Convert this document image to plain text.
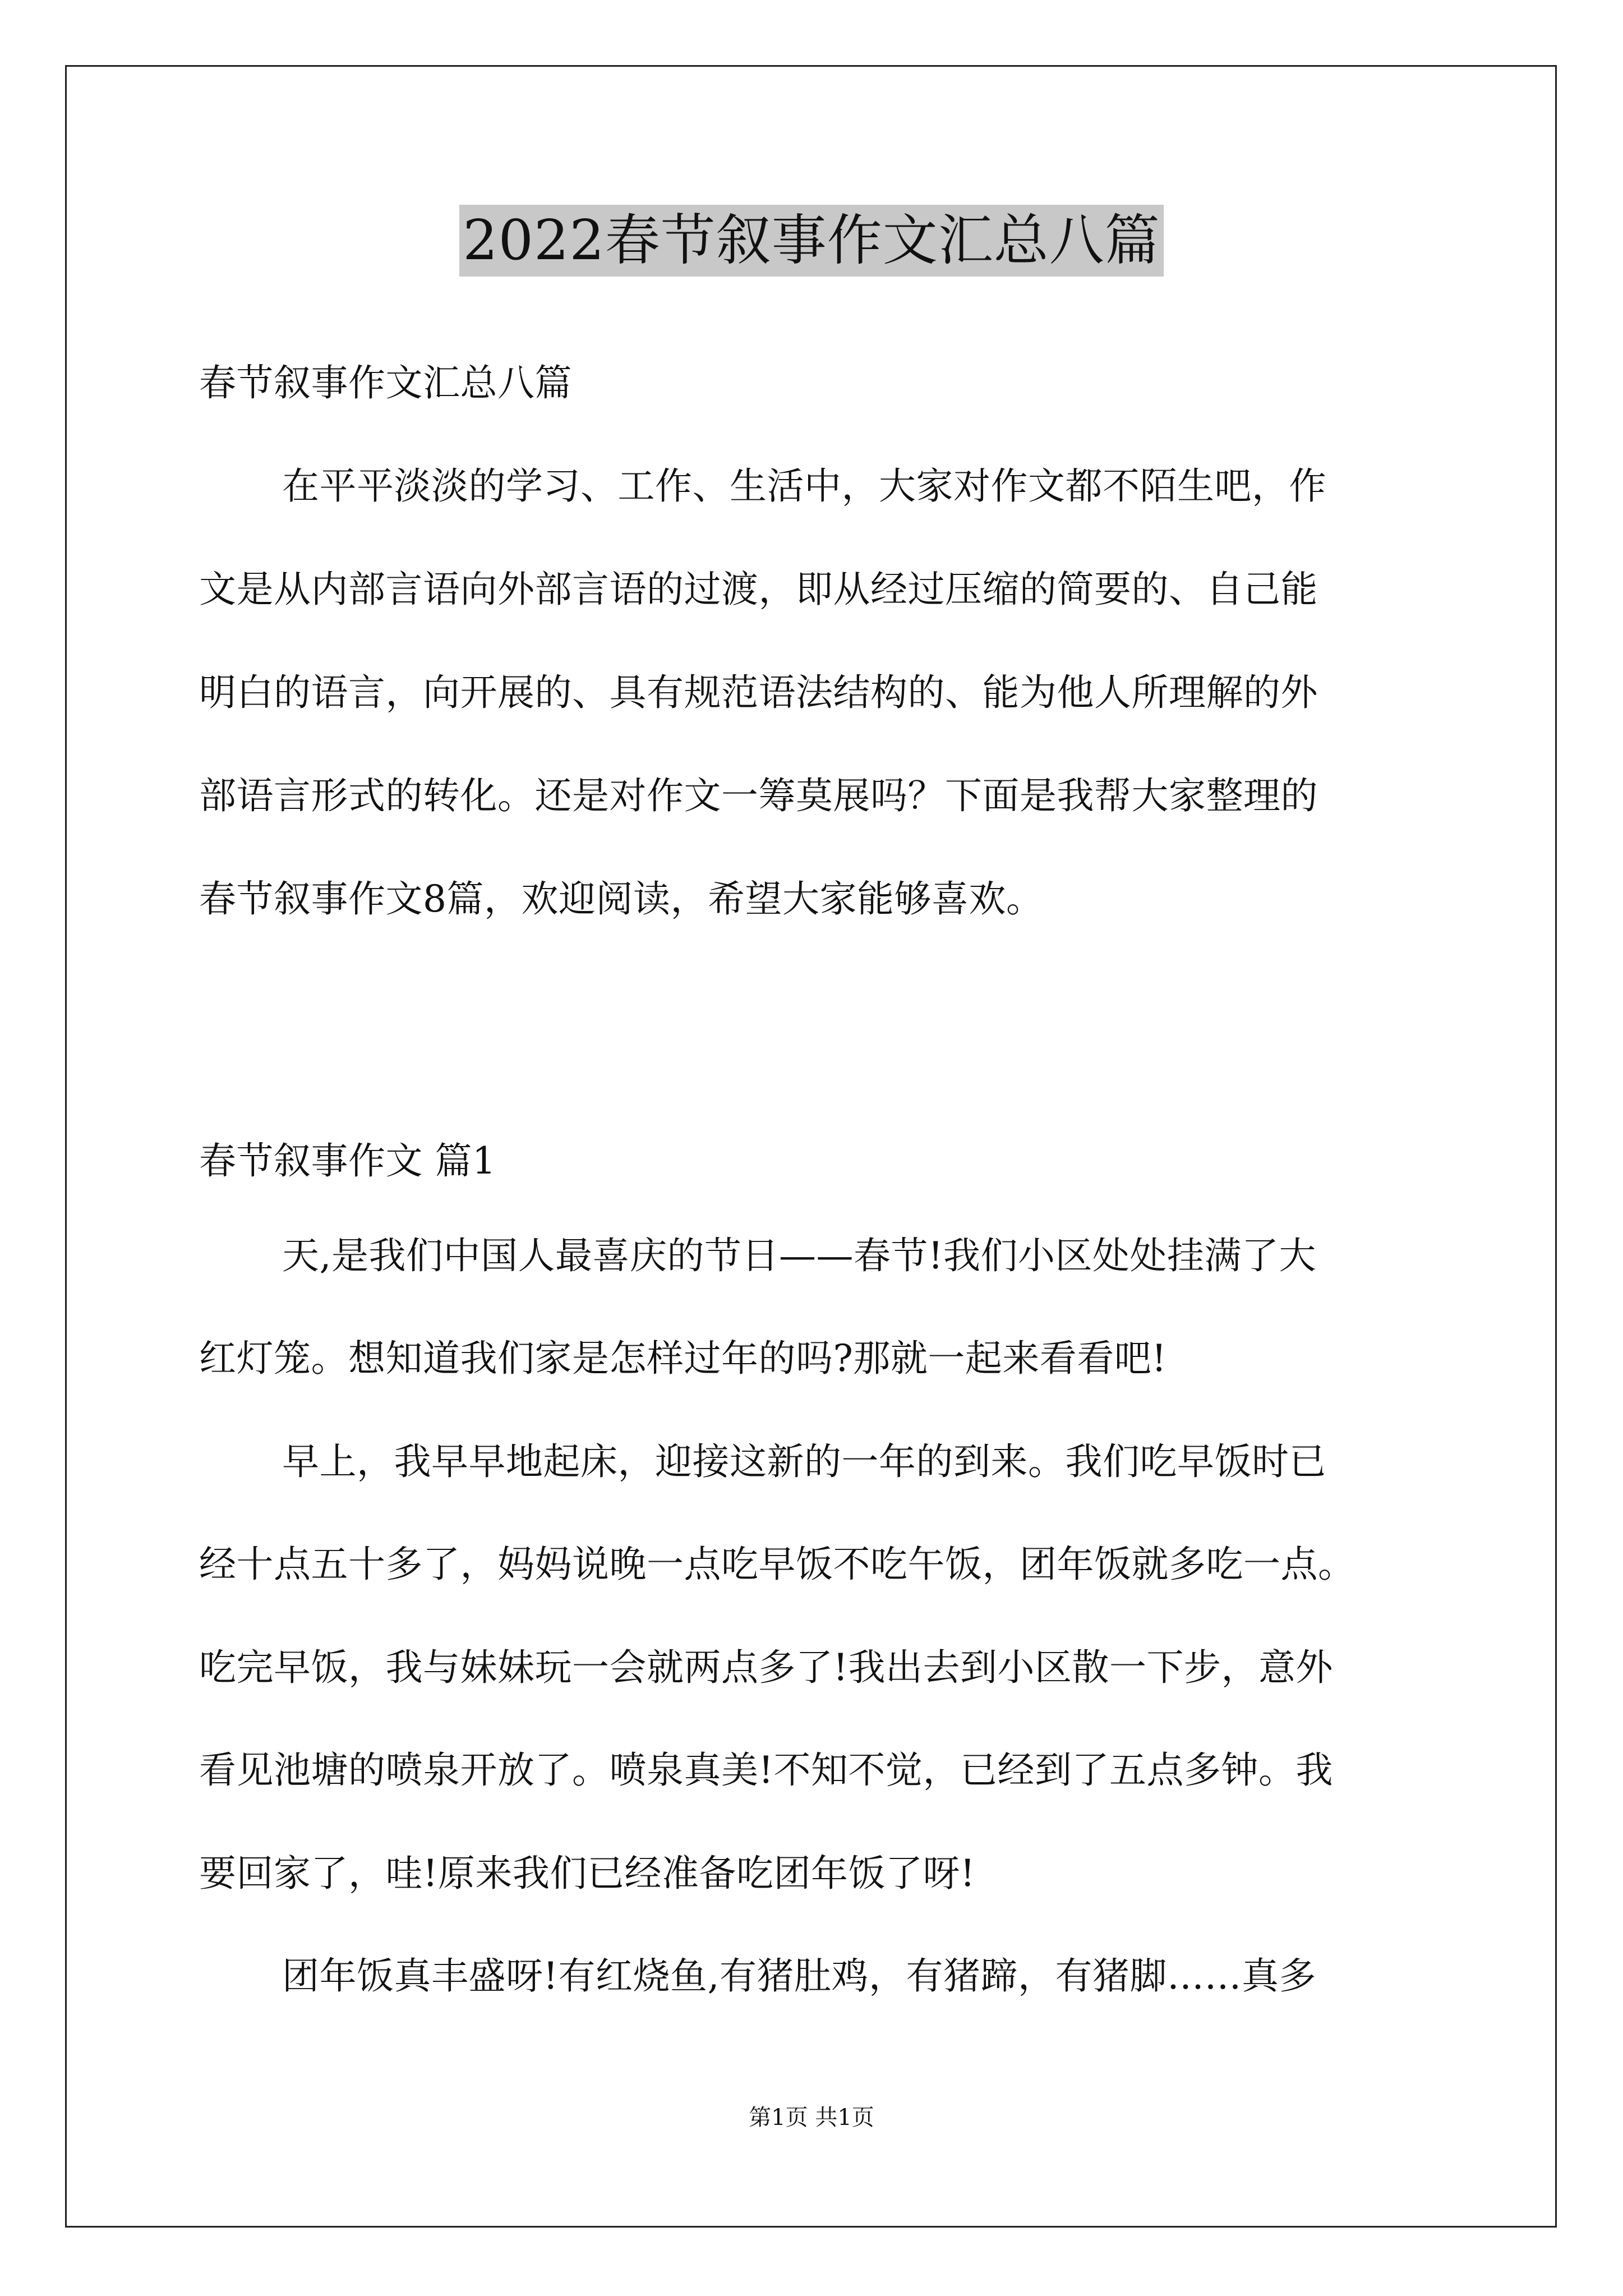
2022春节叙事作文汇总八篇
春节叙事作文汇总八篇
在平平淡淡的学习、工作、生活中，大家对作文都不陌生吧，作
文是从内部言语向外部言语的过渡，即从经过压缩的简要的、自己能
明白的语言，向开展的、具有规范语法结构的、能为他人所理解的外
部语言形式的转化。还是对作文一筹莫展吗？下面是我帮大家整理的
春节叙事作文8篇，欢迎阅读，希望大家能够喜欢。
春节叙事作文 篇1
天,是我们中国人最喜庆的节日——春节!我们小区处处挂满了大
红灯笼。想知道我们家是怎样过年的吗?那就一起来看看吧!
早上，我早早地起床，迎接这新的一年的到来。我们吃早饭时已
经十点五十多了，妈妈说晚一点吃早饭不吃午饭，团年饭就多吃一点。
吃完早饭，我与妹妹玩一会就两点多了!我出去到小区散一下步，意外
看见池塘的喷泉开放了。喷泉真美!不知不觉，已经到了五点多钟。我
要回家了，哇!原来我们已经准备吃团年饭了呀!
团年饭真丰盛呀!有红烧鱼,有猪肚鸡，有猪蹄，有猪脚……真多
第1页 共1页
